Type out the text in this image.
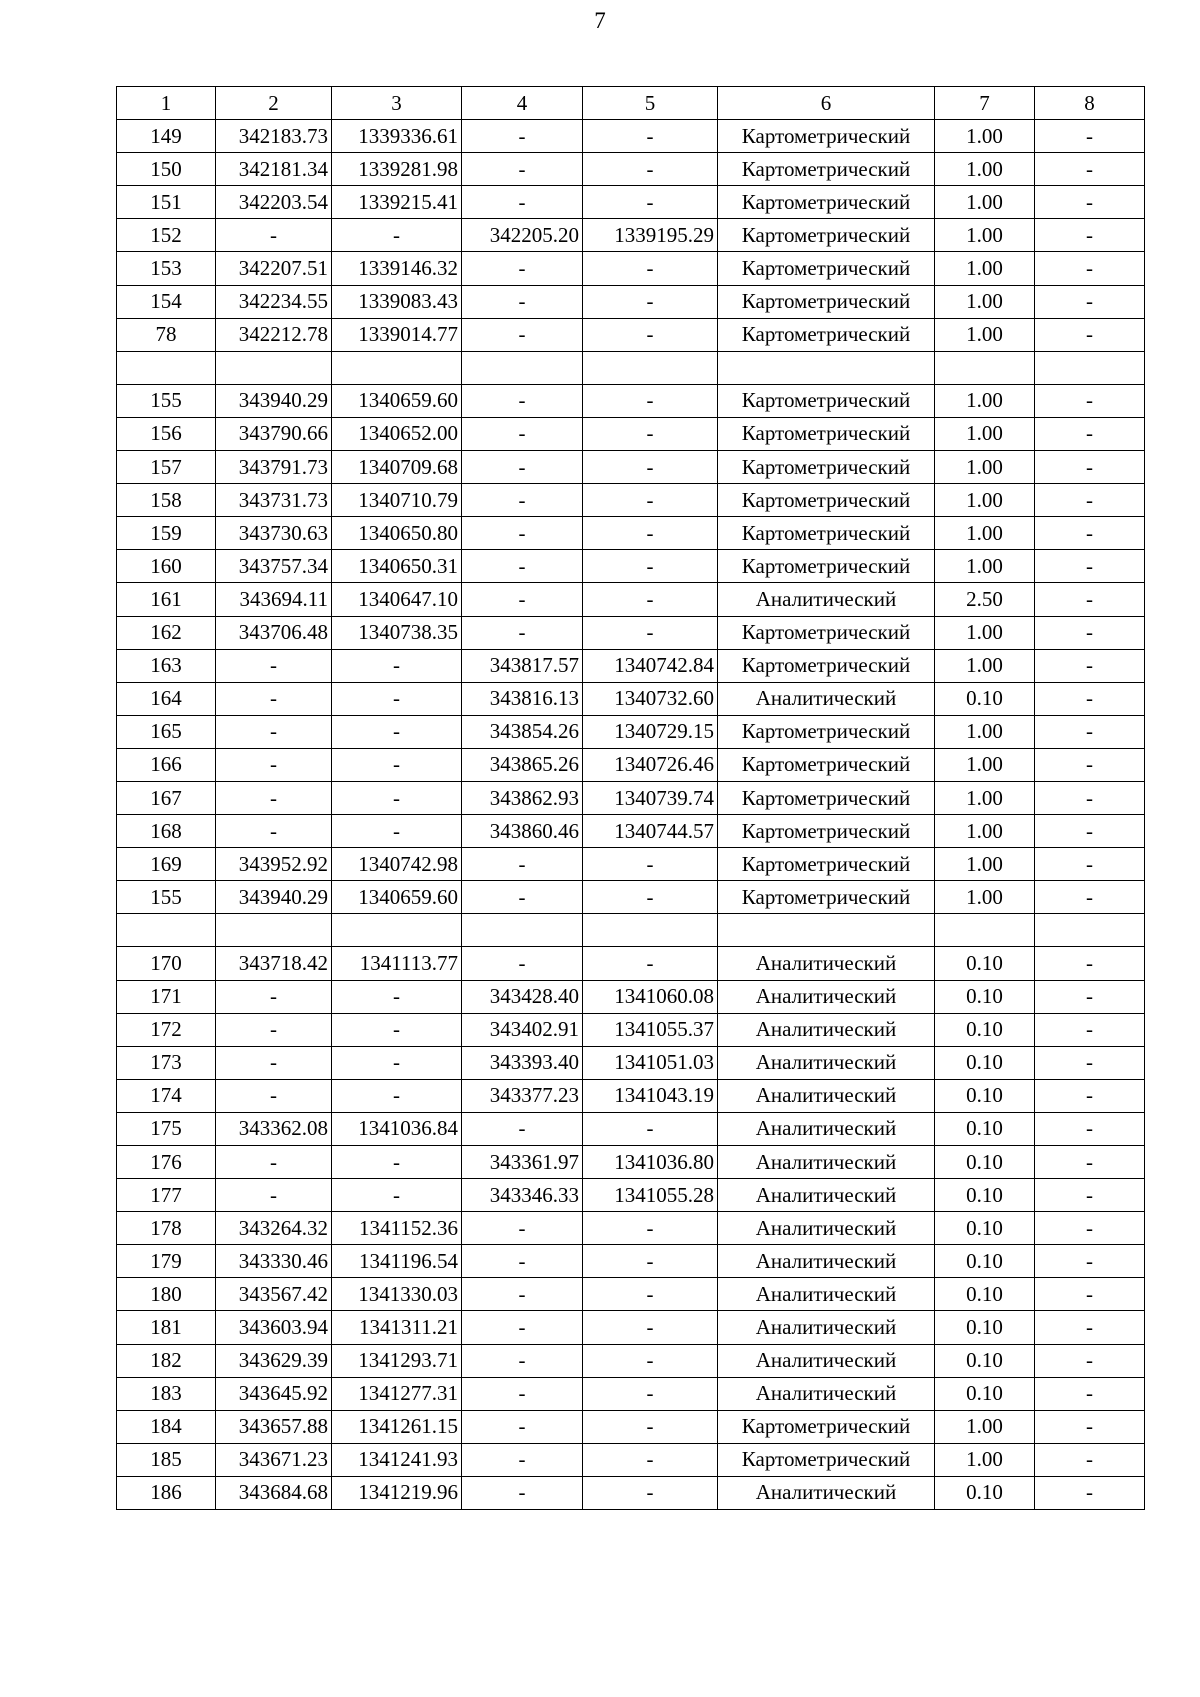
7
1	2	3	4	5	6	7	8
149	342183.73	1339336.61	-	-	Картометрический	1.00	-
150	342181.34	1339281.98	-	-	Картометрический	1.00	-
151	342203.54	1339215.41	-	-	Картометрический	1.00	-
152	-	-	342205.20	1339195.29	Картометрический	1.00	-
153	342207.51	1339146.32	-	-	Картометрический	1.00	-
154	342234.55	1339083.43	-	-	Картометрический	1.00	-
78	342212.78	1339014.77	-	-	Картометрический	1.00	-

155	343940.29	1340659.60	-	-	Картометрический	1.00	-
156	343790.66	1340652.00	-	-	Картометрический	1.00	-
157	343791.73	1340709.68	-	-	Картометрический	1.00	-
158	343731.73	1340710.79	-	-	Картометрический	1.00	-
159	343730.63	1340650.80	-	-	Картометрический	1.00	-
160	343757.34	1340650.31	-	-	Картометрический	1.00	-
161	343694.11	1340647.10	-	-	Аналитический	2.50	-
162	343706.48	1340738.35	-	-	Картометрический	1.00	-
163	-	-	343817.57	1340742.84	Картометрический	1.00	-
164	-	-	343816.13	1340732.60	Аналитический	0.10	-
165	-	-	343854.26	1340729.15	Картометрический	1.00	-
166	-	-	343865.26	1340726.46	Картометрический	1.00	-
167	-	-	343862.93	1340739.74	Картометрический	1.00	-
168	-	-	343860.46	1340744.57	Картометрический	1.00	-
169	343952.92	1340742.98	-	-	Картометрический	1.00	-
155	343940.29	1340659.60	-	-	Картометрический	1.00	-

170	343718.42	1341113.77	-	-	Аналитический	0.10	-
171	-	-	343428.40	1341060.08	Аналитический	0.10	-
172	-	-	343402.91	1341055.37	Аналитический	0.10	-
173	-	-	343393.40	1341051.03	Аналитический	0.10	-
174	-	-	343377.23	1341043.19	Аналитический	0.10	-
175	343362.08	1341036.84	-	-	Аналитический	0.10	-
176	-	-	343361.97	1341036.80	Аналитический	0.10	-
177	-	-	343346.33	1341055.28	Аналитический	0.10	-
178	343264.32	1341152.36	-	-	Аналитический	0.10	-
179	343330.46	1341196.54	-	-	Аналитический	0.10	-
180	343567.42	1341330.03	-	-	Аналитический	0.10	-
181	343603.94	1341311.21	-	-	Аналитический	0.10	-
182	343629.39	1341293.71	-	-	Аналитический	0.10	-
183	343645.92	1341277.31	-	-	Аналитический	0.10	-
184	343657.88	1341261.15	-	-	Картометрический	1.00	-
185	343671.23	1341241.93	-	-	Картометрический	1.00	-
186	343684.68	1341219.96	-	-	Аналитический	0.10	-
